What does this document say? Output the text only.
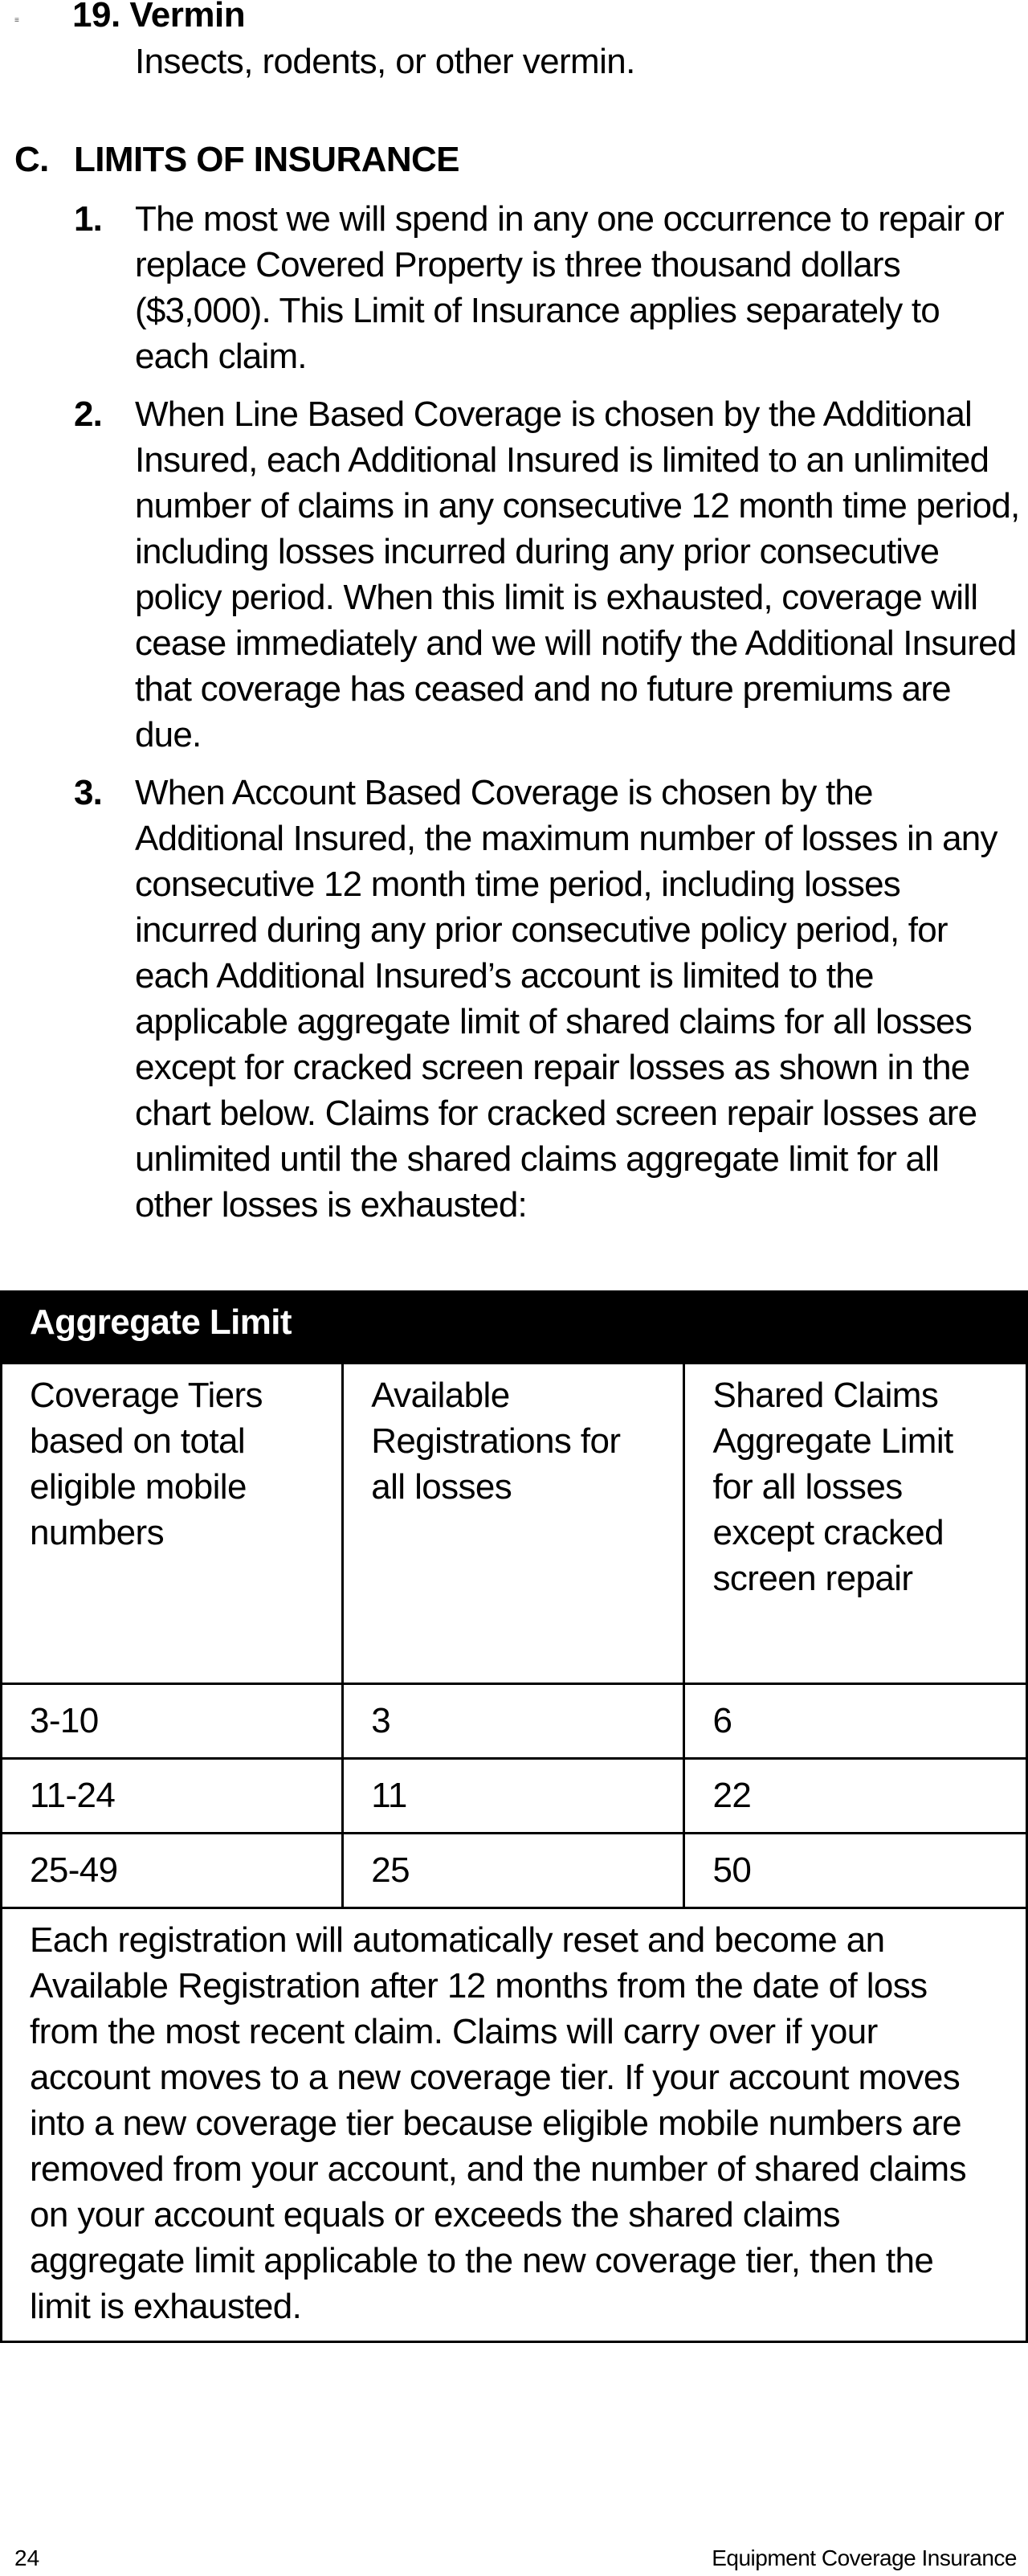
≡ 19. Vermin
Insects, rodents, or other vermin.
C. LIMITS OF INSURANCE
1. The most we will spend in any one occurrence to repair or replace Covered Property is three thousand dollars ($3,000). This Limit of Insurance applies separately to each claim.
2. When Line Based Coverage is chosen by the Additional Insured, each Additional Insured is limited to an unlimited number of claims in any consecutive 12 month time period, including losses incurred during any prior consecutive policy period. When this limit is exhausted, coverage will cease immediately and we will notify the Additional Insured that coverage has ceased and no future premiums are due.
3. When Account Based Coverage is chosen by the Additional Insured, the maximum number of losses in any consecutive 12 month time period, including losses incurred during any prior consecutive policy period, for each Additional Insured’s account is limited to the applicable aggregate limit of shared claims for all losses except for cracked screen repair losses as shown in the chart below. Claims for cracked screen repair losses are unlimited until the shared claims aggregate limit for all other losses is exhausted:
Aggregate Limit		
Coverage Tiers based on total eligible mobile numbers	Available Registrations for all losses	Shared Claims Aggregate Limit for all losses except cracked screen repair
3-10	3	6
11-24	11	22
25-49	25	50
Each registration will automatically reset and become an Available Registration after 12 months from the date of loss from the most recent claim. Claims will carry over if your account moves to a new coverage tier. If your account moves into a new coverage tier because eligible mobile numbers are removed from your account, and the number of shared claims on your account equals or exceeds the shared claims aggregate limit applicable to the new coverage tier, then the limit is exhausted.		
24	Equipment Coverage Insurance
